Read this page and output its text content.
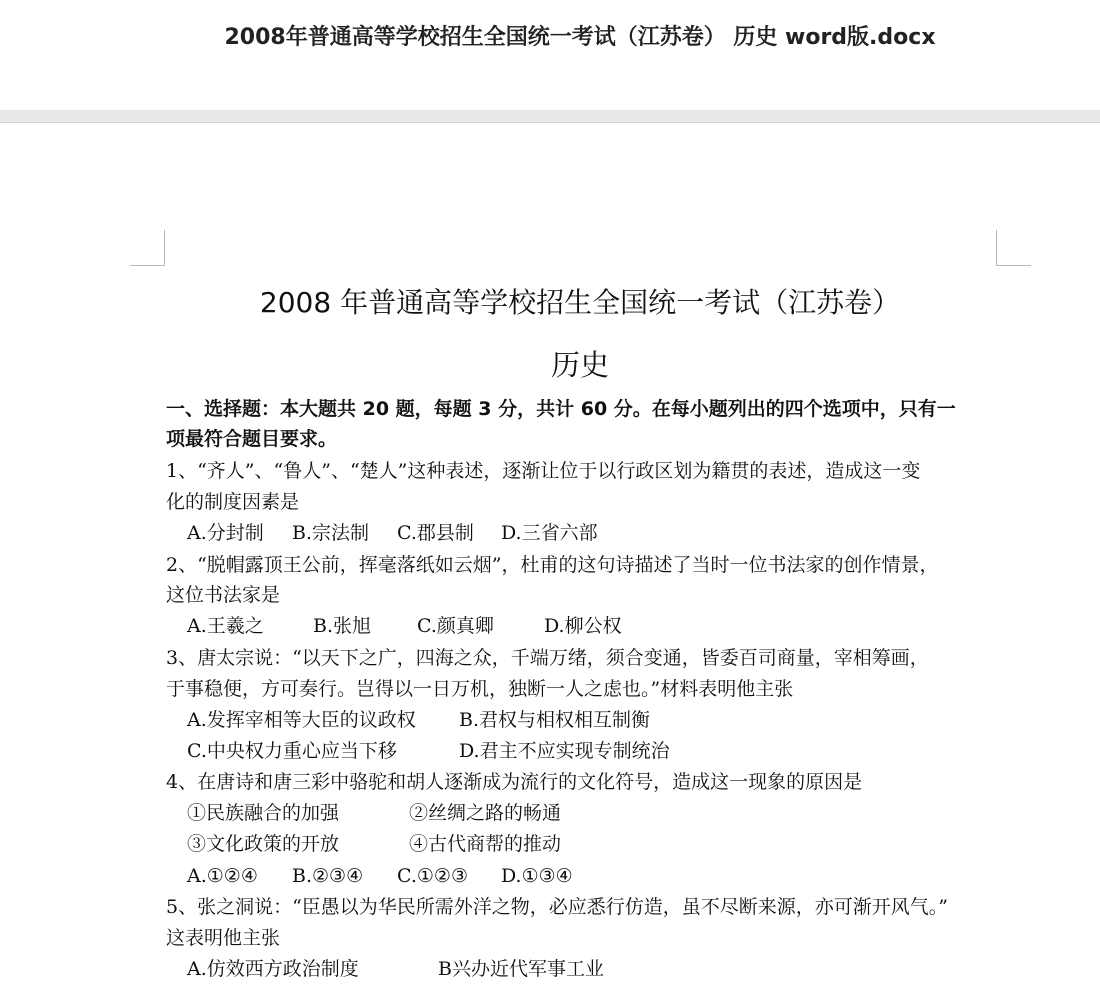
2008年普通高等学校招生全国统一考试（江苏卷） 历史 word版.docx
2008 年普通高等学校招生全国统一考试（江苏卷）
历史
一、选择题：本大题共 20 题，每题 3 分，共计 60 分。在每小题列出的四个选项中，只有一
项最符合题目要求。
1、“齐人”、“鲁人”、“楚人”这种表述，逐渐让位于以行政区划为籍贯的表述，造成这一变
化的制度因素是
A.分封制 B.宗法制 C.郡县制 D.三省六部
2、“脱帽露顶王公前，挥毫落纸如云烟”，杜甫的这句诗描述了当时一位书法家的创作情景，
这位书法家是
A.王羲之	B.张旭 C.颜真卿	D.柳公权
3、唐太宗说：“以天下之广，四海之众，千端万绪，须合变通，皆委百司商量，宰相筹画，
于事稳便，方可奏行。岂得以一日万机，独断一人之虑也。”材料表明他主张
A.发挥宰相等大臣的议政权 B.君权与相权相互制衡
C.中央权力重心应当下移	D.君主不应实现专制统治
4、在唐诗和唐三彩中骆驼和胡人逐渐成为流行的文化符号，造成这一现象的原因是
①民族融合的加强	②丝绸之路的畅通
③文化政策的开放	④古代商帮的推动
A.①②④ B.②③④ C.①②③ D.①③④
5、张之洞说：“臣愚以为华民所需外洋之物，必应悉行仿造，虽不尽断来源，亦可渐开风气。”
这表明他主张
A.仿效西方政治制度	B兴办近代军事工业
